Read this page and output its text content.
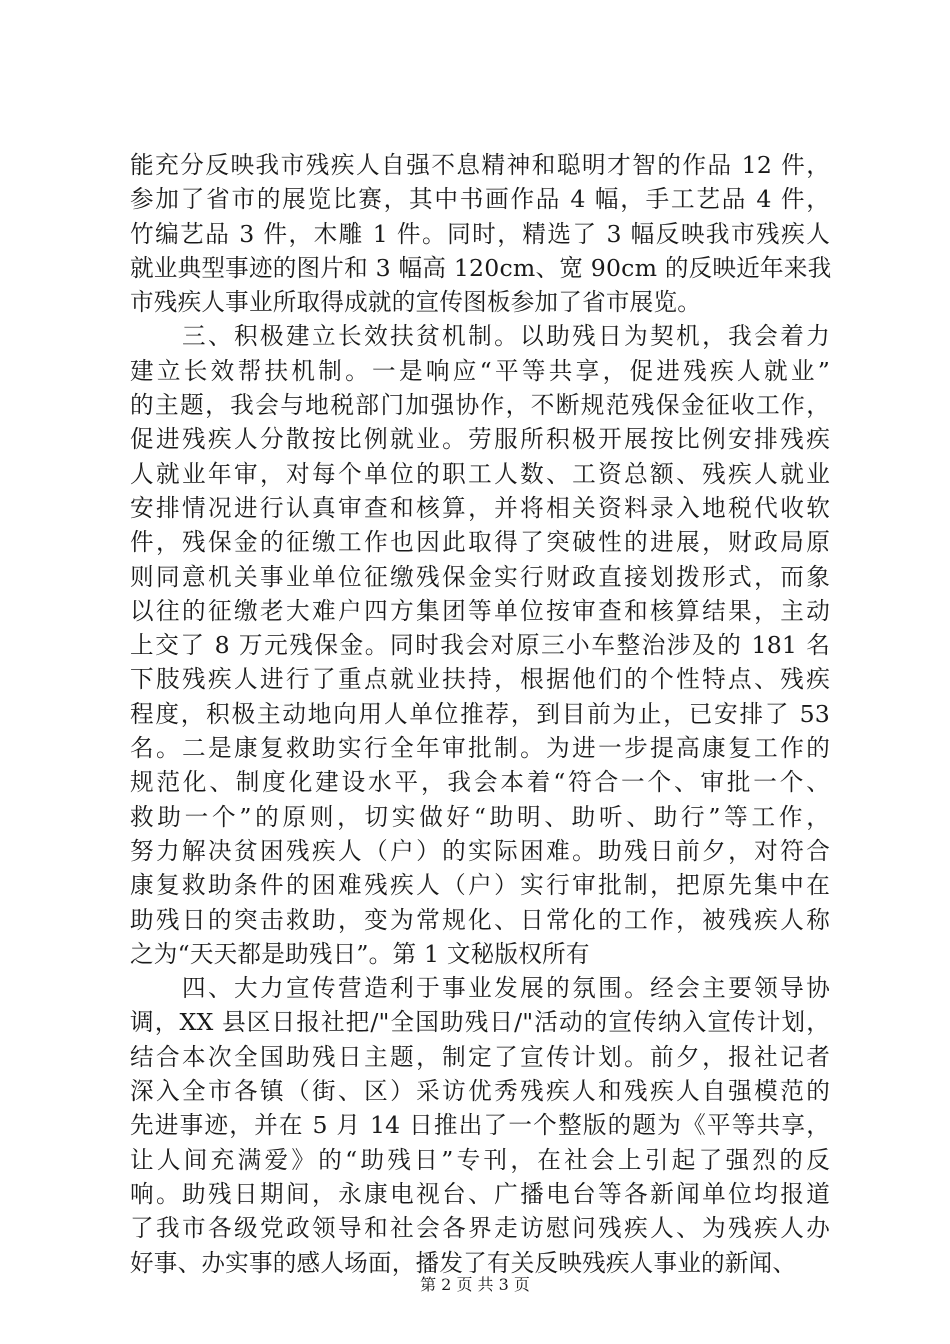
能充分反映我市残疾人自强不息精神和聪明才智的作品 12 件，
参加了省市的展览比赛，其中书画作品 4 幅，手工艺品 4 件，
竹编艺品 3 件，木雕 1 件。同时，精选了 3 幅反映我市残疾人
就业典型事迹的图片和 3 幅高 120cm、宽 90cm 的反映近年来我
市残疾人事业所取得成就的宣传图板参加了省市展览。
　　三、积极建立长效扶贫机制。以助残日为契机，我会着力
建立长效帮扶机制。一是响应“平等共享，促进残疾人就业”
的主题，我会与地税部门加强协作，不断规范残保金征收工作，
促进残疾人分散按比例就业。劳服所积极开展按比例安排残疾
人就业年审，对每个单位的职工人数、工资总额、残疾人就业
安排情况进行认真审查和核算，并将相关资料录入地税代收软
件，残保金的征缴工作也因此取得了突破性的进展，财政局原
则同意机关事业单位征缴残保金实行财政直接划拨形式，而象
以往的征缴老大难户四方集团等单位按审查和核算结果，主动
上交了 8 万元残保金。同时我会对原三小车整治涉及的 181 名
下肢残疾人进行了重点就业扶持，根据他们的个性特点、残疾
程度，积极主动地向用人单位推荐，到目前为止，已安排了 53
名。二是康复救助实行全年审批制。为进一步提高康复工作的
规范化、制度化建设水平，我会本着“符合一个、审批一个、
救助一个”的原则，切实做好“助明、助听、助行”等工作，
努力解决贫困残疾人（户）的实际困难。助残日前夕，对符合
康复救助条件的困难残疾人（户）实行审批制，把原先集中在
助残日的突击救助，变为常规化、日常化的工作，被残疾人称
之为“天天都是助残日”。第 1 文秘版权所有
　　四、大力宣传营造利于事业发展的氛围。经会主要领导协
调，XX 县区日报社把/"全国助残日/"活动的宣传纳入宣传计划，
结合本次全国助残日主题，制定了宣传计划。前夕，报社记者
深入全市各镇（街、区）采访优秀残疾人和残疾人自强模范的
先进事迹，并在 5 月 14 日推出了一个整版的题为《平等共享，
让人间充满爱》的“助残日”专刊，在社会上引起了强烈的反
响。助残日期间，永康电视台、广播电台等各新闻单位均报道
了我市各级党政领导和社会各界走访慰问残疾人、为残疾人办
好事、办实事的感人场面，播发了有关反映残疾人事业的新闻、
第 2 页 共 3 页
